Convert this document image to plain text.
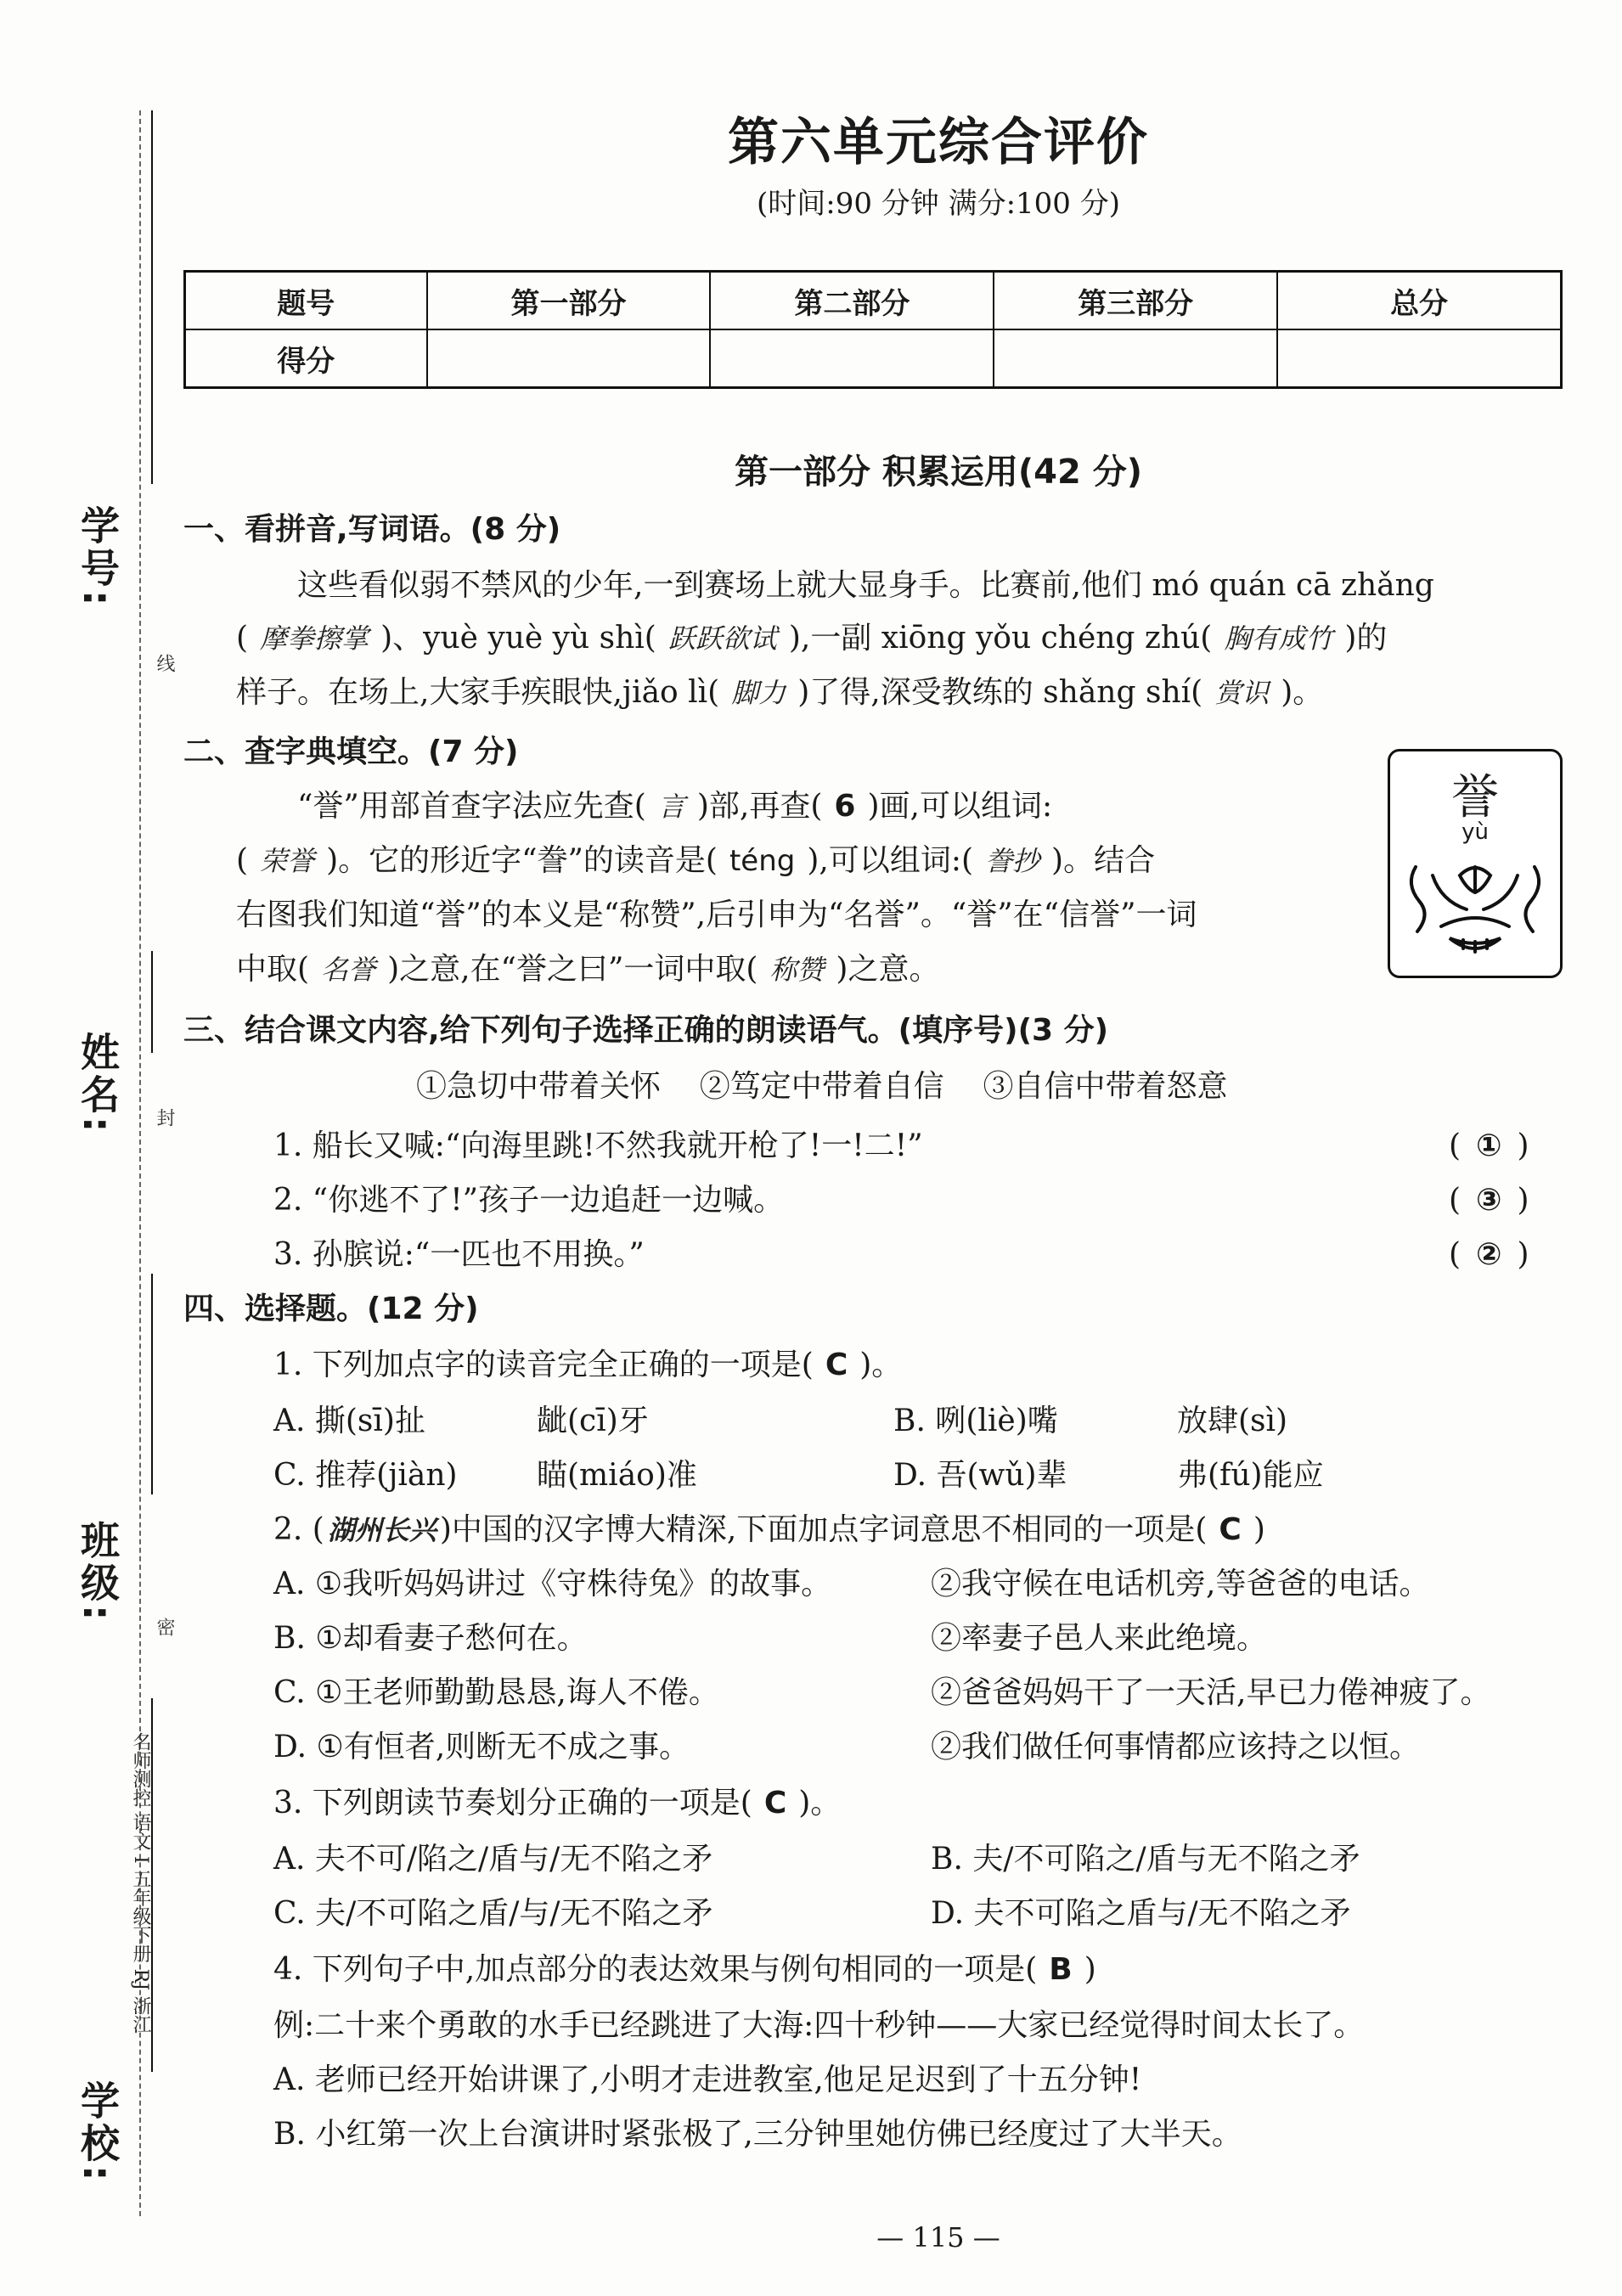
学号:
线
姓名: 封
班级:
密
名师测控 语文 I 五年级下册 RJ 浙江
学校:
第六单元综合评价
(时间:90 分钟 满分:100 分)
题号	第一部分	第二部分	第三部分	总分
得分				
第一部分 积累运用(42 分)
一、看拼音,写词语。(8 分)
这些看似弱不禁风的少年,一到赛场上就大显身手。比赛前,他们 mó quán cā zhǎng
( 摩拳擦掌 )、yuè yuè yù shì( 跃跃欲试 ),一副 xiōng yǒu chéng zhú( 胸有成竹 )的
样子。在场上,大家手疾眼快,jiǎo lì( 脚力 )了得,深受教练的 shǎng shí( 赏识 )。
二、查字典填空。(7 分)
“誉”用部首查字法应先查( 言 )部,再查( 6 )画,可以组词:
( 荣誉 )。它的形近字“誊”的读音是( téng ),可以组词:( 誊抄 )。结合
右图我们知道“誉”的本义是“称赞”,后引申为“名誉”。“誉”在“信誉”一词
中取( 名誉 )之意,在“誉之曰”一词中取( 称赞 )之意。
誉
yù
三、结合课文内容,给下列句子选择正确的朗读语气。(填序号)(3 分)
①急切中带着关怀    ②笃定中带着自信    ③自信中带着怒意
1. 船长又喊:“向海里跳!不然我就开枪了!一!二!”	( ① )
2. “你逃不了!”孩子一边追赶一边喊。	( ③ )
3. 孙膑说:“一匹也不用换。”	( ② )
四、选择题。(12 分)
1. 下列加点字的读音完全正确的一项是( C )。
A. 撕(sī)扯	龇(cī)牙	B. 咧(liè)嘴	放肆(sì)
C. 推荐(jiàn)	瞄(miáo)准	D. 吾(wǔ)辈	弗(fú)能应
2. ( 湖州长兴 )中国的汉字博大精深,下面加点字词意思不相同的一项是( C )
A. ①我听妈妈讲过《守株待兔》的故事。	②我守候在电话机旁,等爸爸的电话。
B. ①却看妻子愁何在。	②率妻子邑人来此绝境。
C. ①王老师勤勤恳恳,诲人不倦。	②爸爸妈妈干了一天活,早已力倦神疲了。
D. ①有恒者,则断无不成之事。	②我们做任何事情都应该持之以恒。
3. 下列朗读节奏划分正确的一项是( C )。
A. 夫不可/陷之/盾与/无不陷之矛	B. 夫/不可陷之/盾与无不陷之矛
C. 夫/不可陷之盾/与/无不陷之矛	D. 夫不可陷之盾与/无不陷之矛
4. 下列句子中,加点部分的表达效果与例句相同的一项是( B )
例:二十来个勇敢的水手已经跳进了大海:四十秒钟——大家已经觉得时间太长了。
A. 老师已经开始讲课了,小明才走进教室,他足足迟到了十五分钟!
B. 小红第一次上台演讲时紧张极了,三分钟里她仿佛已经度过了大半天。
— 115 —
